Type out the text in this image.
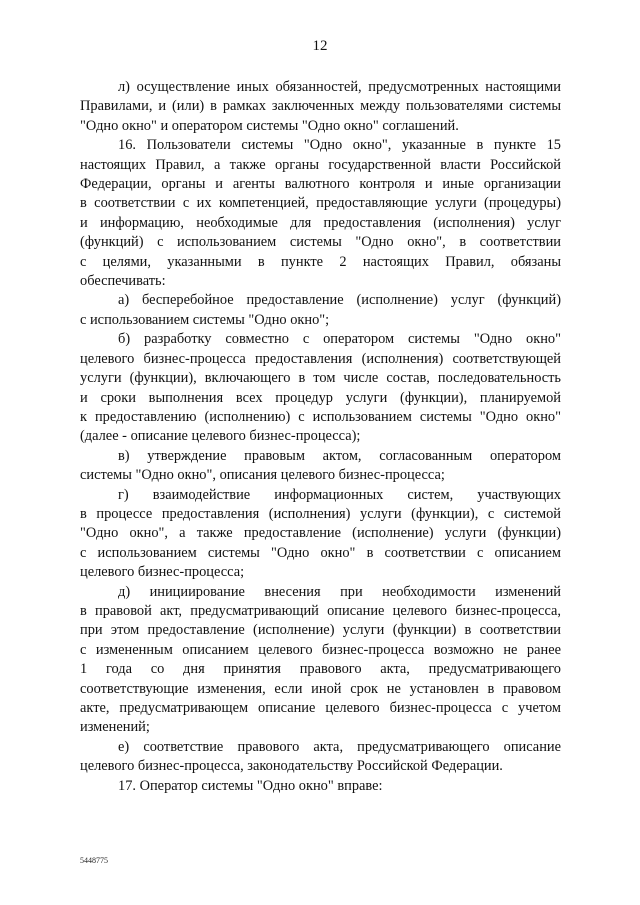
12
л) осуществление иных обязанностей, предусмотренных настоящими
Правилами, и (или) в рамках заключенных между пользователями системы
"Одно окно" и оператором системы "Одно окно" соглашений.
16. Пользователи системы "Одно окно", указанные в пункте 15
настоящих Правил, а также органы государственной власти Российской
Федерации, органы и агенты валютного контроля и иные организации
в соответствии с их компетенцией, предоставляющие услуги (процедуры)
и информацию, необходимые для предоставления (исполнения) услуг
(функций) с использованием системы "Одно окно", в соответствии
с целями, указанными в пункте 2 настоящих Правил, обязаны
обеспечивать:
а) бесперебойное предоставление (исполнение) услуг (функций)
с использованием системы "Одно окно";
б) разработку совместно с оператором системы "Одно окно"
целевого бизнес-процесса предоставления (исполнения) соответствующей
услуги (функции), включающего в том числе состав, последовательность
и сроки выполнения всех процедур услуги (функции), планируемой
к предоставлению (исполнению) с использованием системы "Одно окно"
(далее - описание целевого бизнес-процесса);
в) утверждение правовым актом, согласованным оператором
системы "Одно окно", описания целевого бизнес-процесса;
г) взаимодействие информационных систем, участвующих
в процессе предоставления (исполнения) услуги (функции), с системой
"Одно окно", а также предоставление (исполнение) услуги (функции)
с использованием системы "Одно окно" в соответствии с описанием
целевого бизнес-процесса;
д) инициирование внесения при необходимости изменений
в правовой акт, предусматривающий описание целевого бизнес-процесса,
при этом предоставление (исполнение) услуги (функции) в соответствии
с измененным описанием целевого бизнес-процесса возможно не ранее
1 года со дня принятия правового акта, предусматривающего
соответствующие изменения, если иной срок не установлен в правовом
акте, предусматривающем описание целевого бизнес-процесса с учетом
изменений;
е) соответствие правового акта, предусматривающего описание
целевого бизнес-процесса, законодательству Российской Федерации.
17. Оператор системы "Одно окно" вправе:
5448775
